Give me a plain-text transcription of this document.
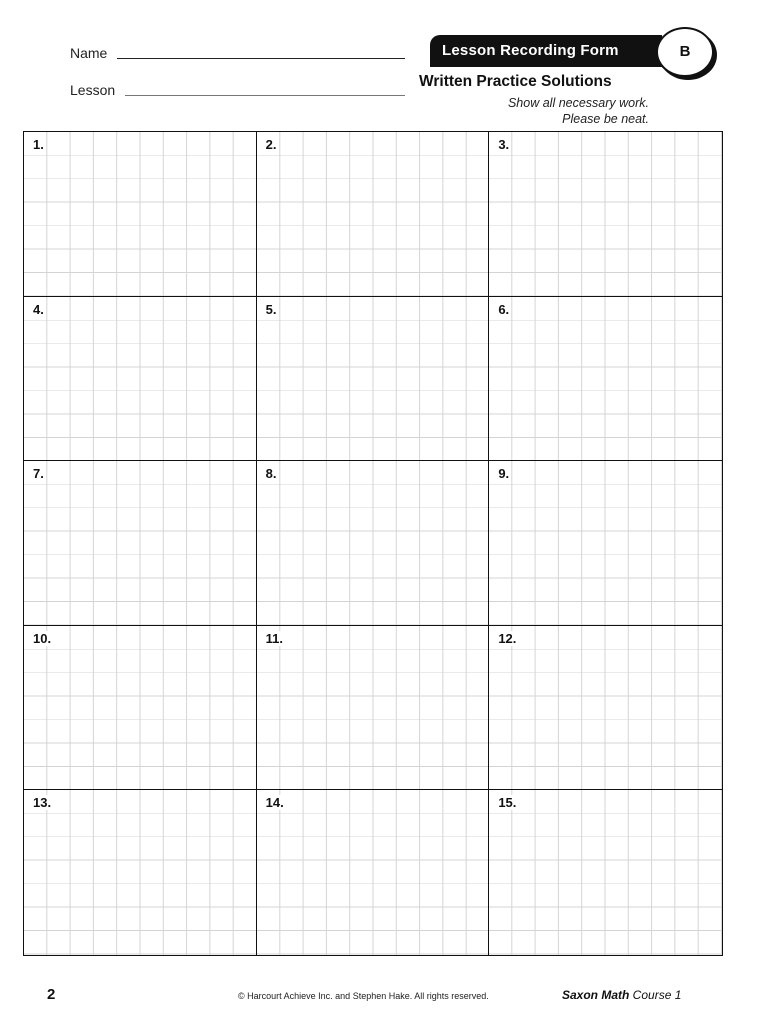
Name
Lesson
Lesson Recording Form	B
Written Practice Solutions
Show all necessary work.
Please be neat.
1.	2.	3.
4.	5.	6.
7.	8.	9.
10.	11.	12.
13.	14.	15.
2	© Harcourt Achieve Inc. and Stephen Hake. All rights reserved.	Saxon Math Course 1
